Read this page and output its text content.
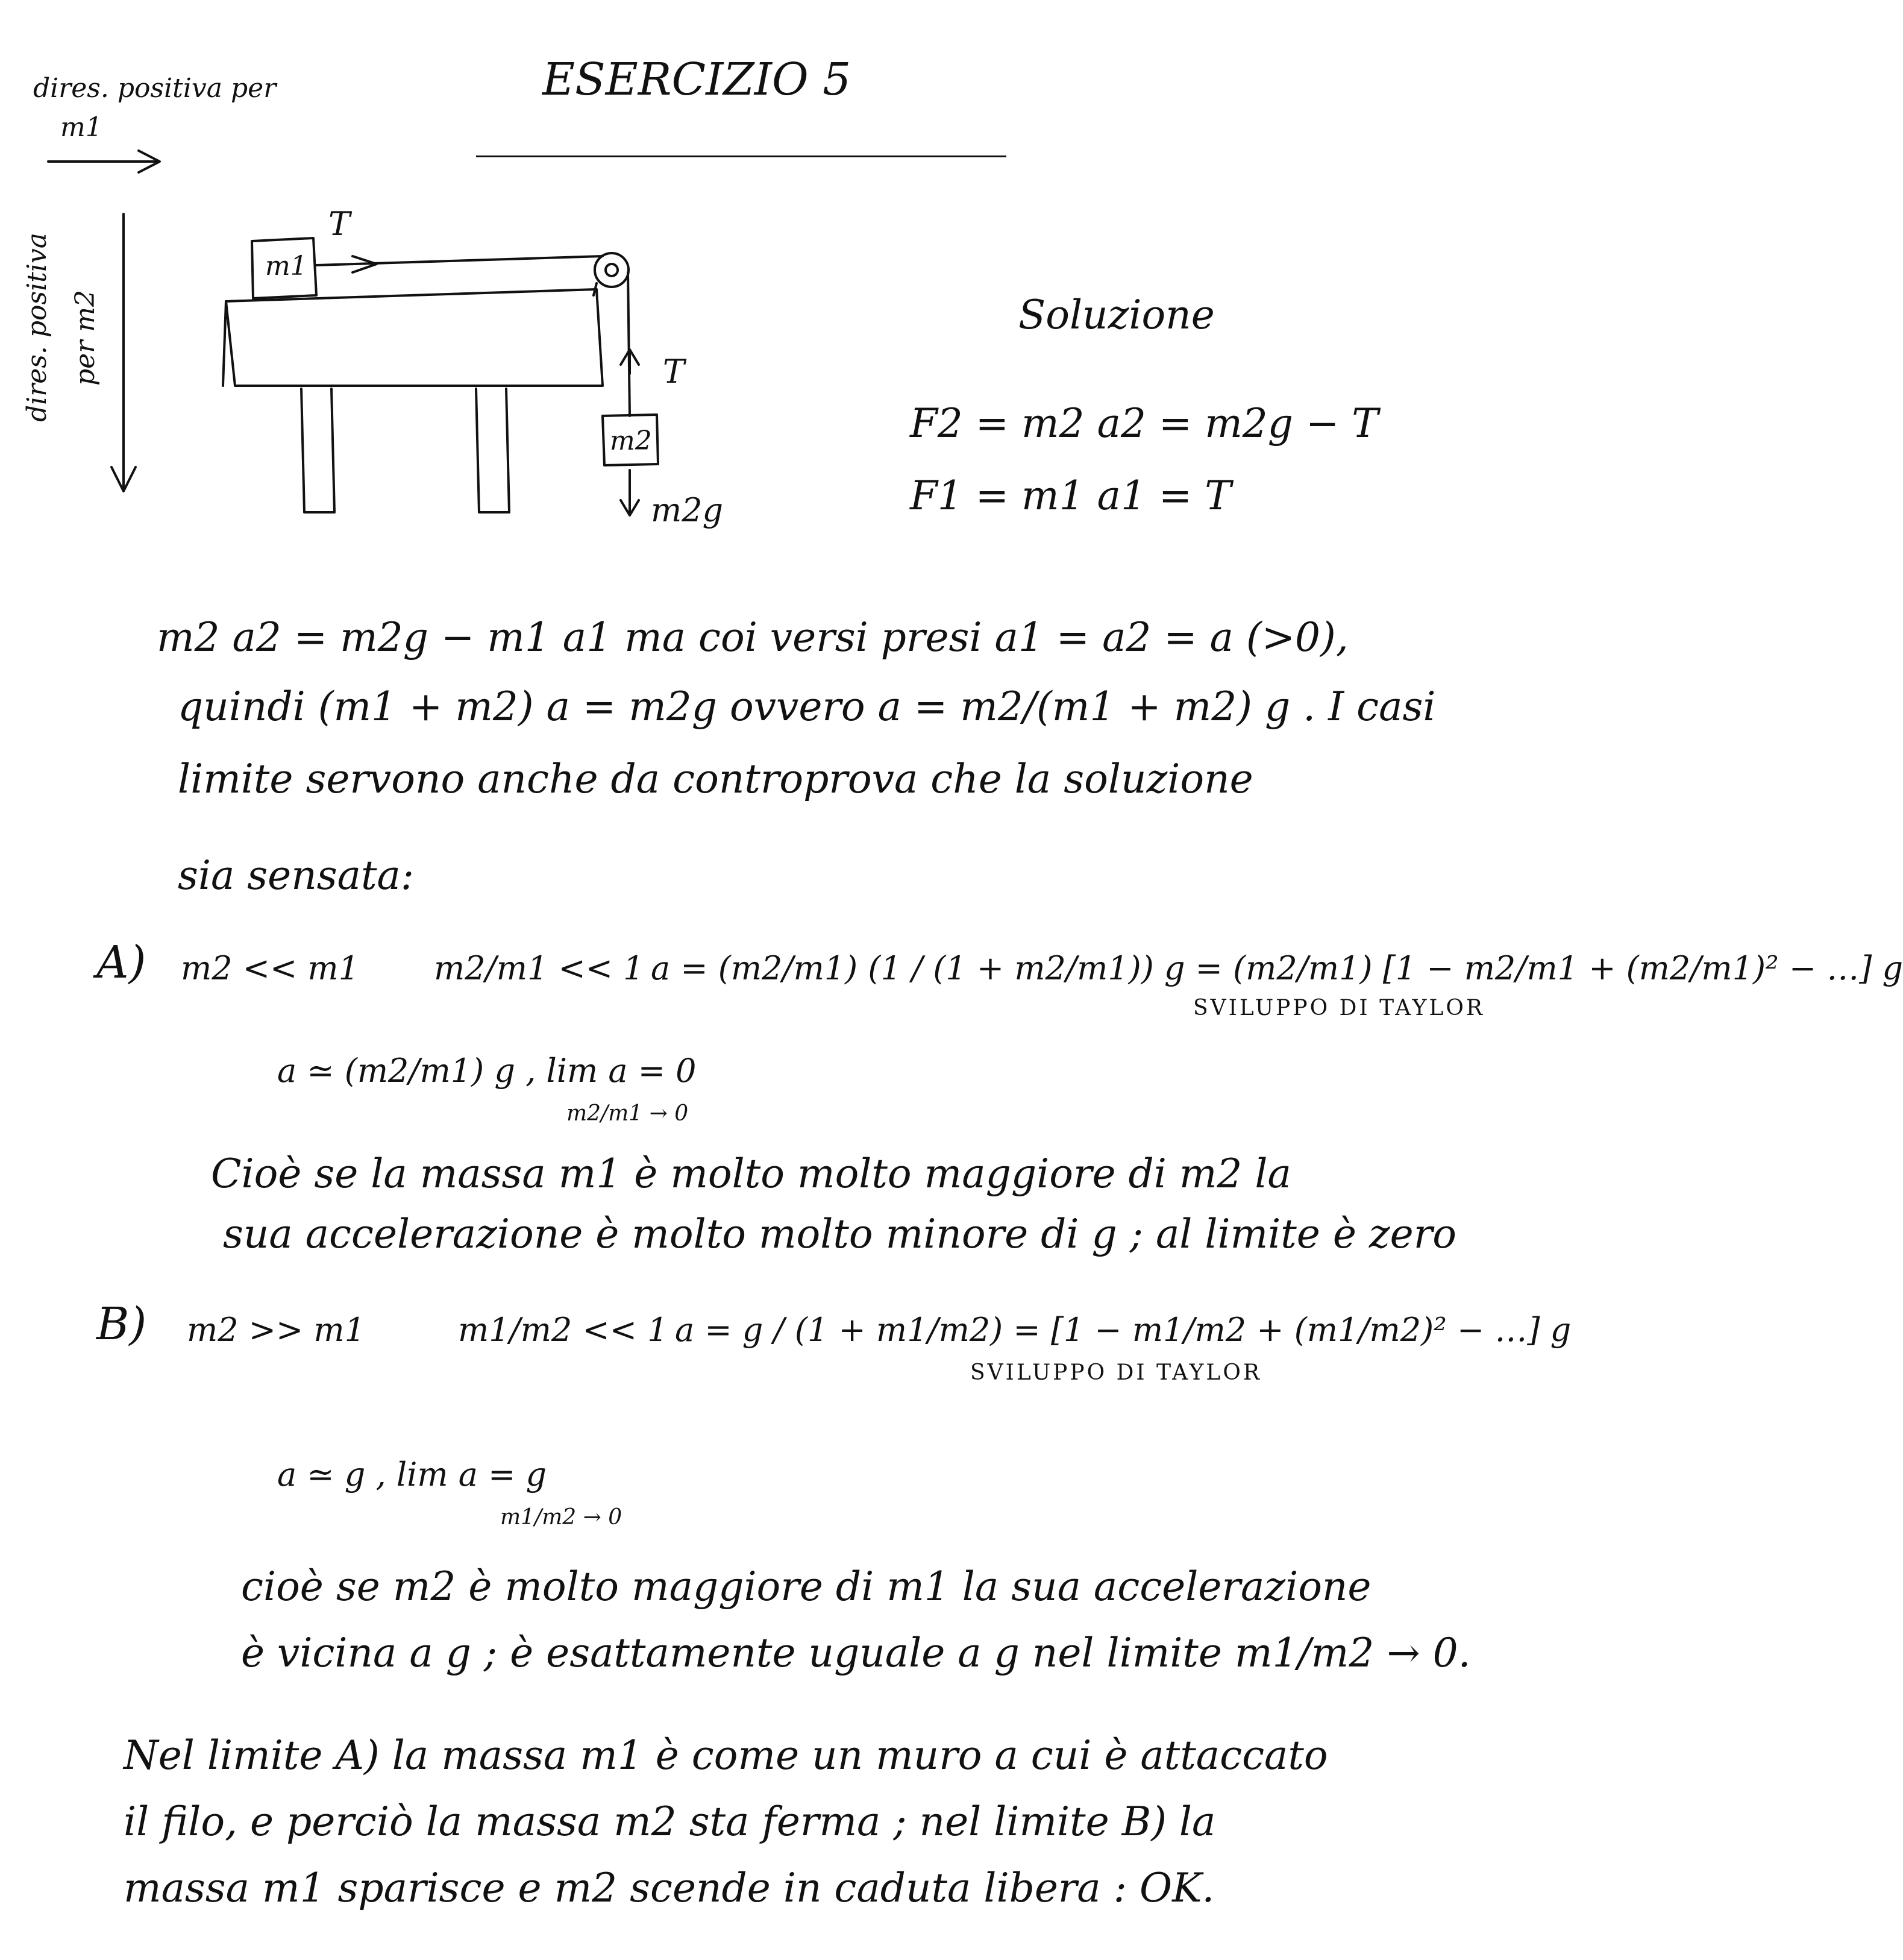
ESERCIZIO 5
dires. positiva per
m1
dires. positiva per m2
m1
m2
T
T
m2g
Soluzione
F2 = m2 a2 = m2g − T
F1 = m1 a1 = T
m2 a2 = m2g − m1 a1 ma coi versi presi a1 = a2 = a (>0),
quindi (m1 + m2) a = m2g ovvero a = m2/(m1 + m2) g . I casi
limite servono anche da controprova che la soluzione
sia sensata:
A) m2 << m1 m2/m1 << 1 a = (m2/m1) (1 / (1 + m2/m1)) g = (m2/m1) [1 − m2/m1 + (m2/m1)² − …] g
SVILUPPO DI TAYLOR
a ≃ (m2/m1) g , lim a = 0
m2/m1 → 0
Cioè se la massa m1 è molto molto maggiore di m2 la
sua accelerazione è molto molto minore di g ; al limite è zero
B) m2 >> m1	m1/m2 << 1 a = g / (1 + m1/m2) = [1 − m1/m2 + (m1/m2)² − …] g
SVILUPPO DI TAYLOR
a ≃ g , lim a = g
m1/m2 → 0
cioè se m2 è molto maggiore di m1 la sua accelerazione
è vicina a g ; è esattamente uguale a g nel limite m1/m2 → 0.
Nel limite A) la massa m1 è come un muro a cui è attaccato
il filo, e perciò la massa m2 sta ferma ; nel limite B) la
massa m1 sparisce e m2 scende in caduta libera : OK.
